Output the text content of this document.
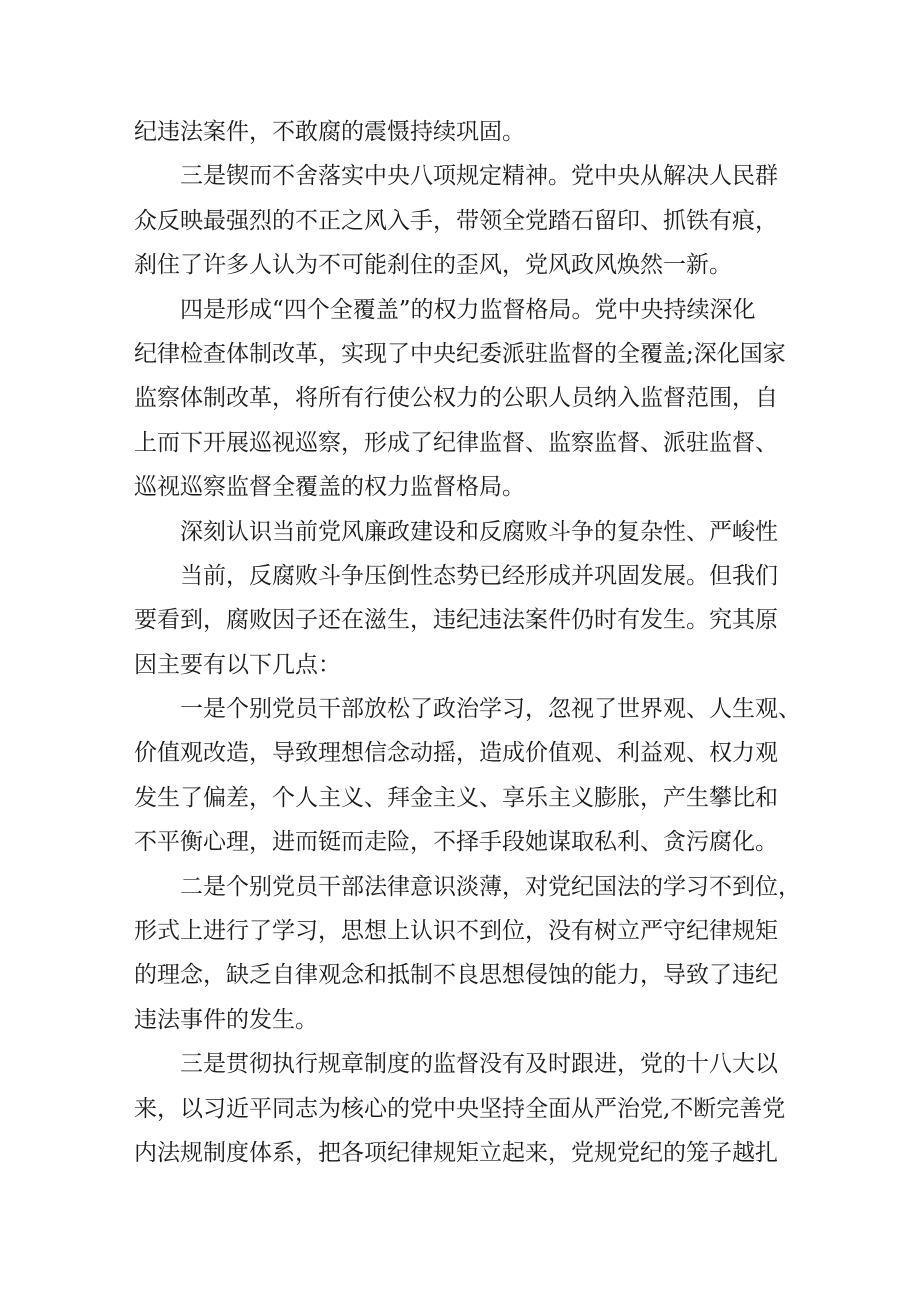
纪违法案件，不敢腐的震慑持续巩固。
三是锲而不舍落实中央八项规定精神。党中央从解决人民群
众反映最强烈的不正之风入手，带领全党踏石留印、抓铁有痕，
刹住了许多人认为不可能刹住的歪风，党风政风焕然一新。
四是形成“四个全覆盖”的权力监督格局。党中央持续深化
纪律检查体制改革，实现了中央纪委派驻监督的全覆盖;深化国家
监察体制改革，将所有行使公权力的公职人员纳入监督范围，自
上而下开展巡视巡察，形成了纪律监督、监察监督、派驻监督、
巡视巡察监督全覆盖的权力监督格局。
深刻认识当前党风廉政建设和反腐败斗争的复杂性、严峻性
当前，反腐败斗争压倒性态势已经形成并巩固发展。但我们
要看到，腐败因子还在滋生，违纪违法案件仍时有发生。究其原
因主要有以下几点：
一是个别党员干部放松了政治学习，忽视了世界观、人生观、
价值观改造，导致理想信念动摇，造成价值观、利益观、权力观
发生了偏差，个人主义、拜金主义、享乐主义膨胀，产生攀比和
不平衡心理，进而铤而走险，不择手段她谋取私利、贪污腐化。
二是个别党员干部法律意识淡薄，对党纪国法的学习不到位，
形式上进行了学习，思想上认识不到位，没有树立严守纪律规矩
的理念，缺乏自律观念和抵制不良思想侵蚀的能力，导致了违纪
违法事件的发生。
三是贯彻执行规章制度的监督没有及时跟进，党的十八大以
来，以习近平同志为核心的党中央坚持全面从严治党,不断完善党
内法规制度体系，把各项纪律规矩立起来，党规党纪的笼子越扎
